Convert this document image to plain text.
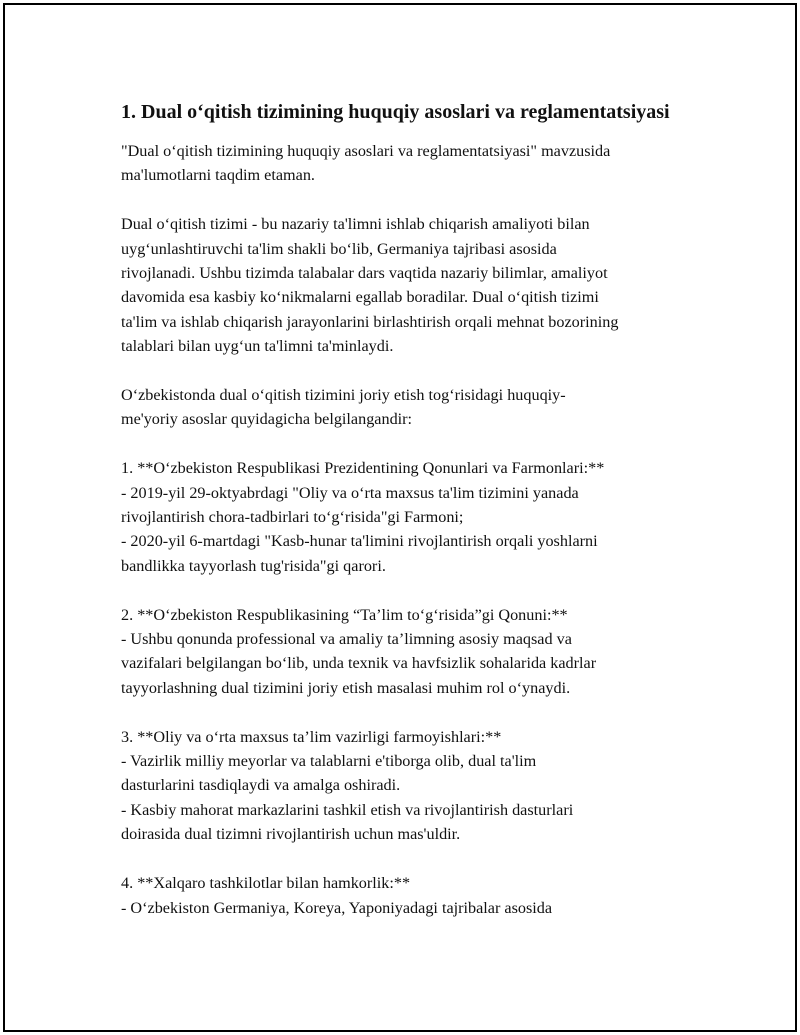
1. Dual o‘qitish tizimining huquqiy asoslari va reglamentatsiyasi

"Dual o‘qitish tizimining huquqiy asoslari va reglamentatsiyasi" mavzusida
ma'lumotlarni taqdim etaman.

Dual o‘qitish tizimi - bu nazariy ta'limni ishlab chiqarish amaliyoti bilan
uyg‘unlashtiruvchi ta'lim shakli bo‘lib, Germaniya tajribasi asosida
rivojlanadi. Ushbu tizimda talabalar dars vaqtida nazariy bilimlar, amaliyot
davomida esa kasbiy ko‘nikmalarni egallab boradilar. Dual o‘qitish tizimi
ta'lim va ishlab chiqarish jarayonlarini birlashtirish orqali mehnat bozorining
talablari bilan uyg‘un ta'limni ta'minlaydi.

O‘zbekistonda dual o‘qitish tizimini joriy etish tog‘risidagi huquqiy-
me'yoriy asoslar quyidagicha belgilangandir:

1. **O‘zbekiston Respublikasi Prezidentining Qonunlari va Farmonlari:**
- 2019-yil 29-oktyabrdagi "Oliy va o‘rta maxsus ta'lim tizimini yanada
rivojlantirish chora-tadbirlari to‘g‘risida"gi Farmoni;
- 2020-yil 6-martdagi "Kasb-hunar ta'limini rivojlantirish orqali yoshlarni
bandlikka tayyorlash tug'risida"gi qarori.

2. **O‘zbekiston Respublikasining “Ta’lim to‘g‘risida”gi Qonuni:**
- Ushbu qonunda professional va amaliy ta’limning asosiy maqsad va
vazifalari belgilangan bo‘lib, unda texnik va havfsizlik sohalarida kadrlar
tayyorlashning dual tizimini joriy etish masalasi muhim rol o‘ynaydi.

3. **Oliy va o‘rta maxsus ta’lim vazirligi farmoyishlari:**
- Vazirlik milliy meyorlar va talablarni e'tiborga olib, dual ta'lim
dasturlarini tasdiqlaydi va amalga oshiradi.
- Kasbiy mahorat markazlarini tashkil etish va rivojlantirish dasturlari
doirasida dual tizimni rivojlantirish uchun mas'uldir.

4. **Xalqaro tashkilotlar bilan hamkorlik:**
- O‘zbekiston Germaniya, Koreya, Yaponiyadagi tajribalar asosida
